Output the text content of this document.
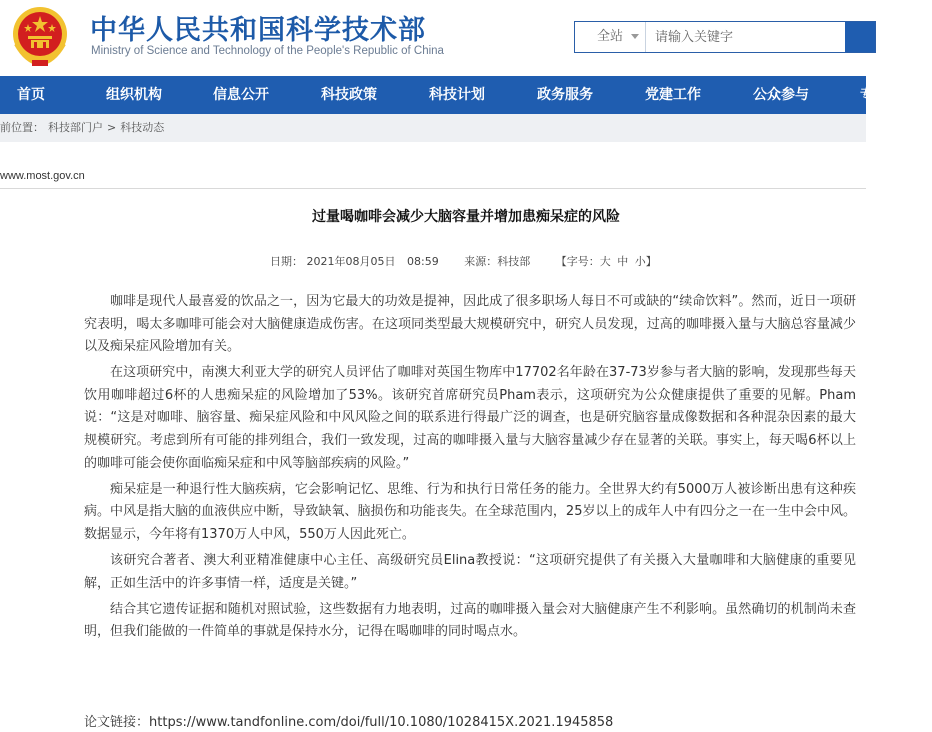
中华人民共和国科学技术部
Ministry of Science and Technology of the People's Republic of China
全站
请输入关键字
首页	组织机构	信息公开	科技政策	科技计划	政务服务	党建工作	公众参与	专
前位置： 科技部门户 > 科技动态
www.most.gov.cn
过量喝咖啡会减少大脑容量并增加患痴呆症的风险
日期： 2021年08月05日 08:59 来源：科技部 【字号：大 中 小】

咖啡是现代人最喜爱的饮品之一，因为它最大的功效是提神，因此成了很多职场人每日不可或缺的“续命饮料”。然而，近日一项研究表明，喝太多咖啡可能会对大脑健康造成伤害。在这项同类型最大规模研究中，研究人员发现，过高的咖啡摄入量与大脑总容量减少以及痴呆症风险增加有关。

在这项研究中，南澳大利亚大学的研究人员评估了咖啡对英国生物库中17702名年龄在37-73岁参与者大脑的影响，发现那些每天饮用咖啡超过6杯的人患痴呆症的风险增加了53%。该研究首席研究员Pham表示，这项研究为公众健康提供了重要的见解。Pham说：“这是对咖啡、脑容量、痴呆症风险和中风风险之间的联系进行得最广泛的调查，也是研究脑容量成像数据和各种混杂因素的最大规模研究。考虑到所有可能的排列组合，我们一致发现，过高的咖啡摄入量与大脑容量减少存在显著的关联。事实上，每天喝6杯以上的咖啡可能会使你面临痴呆症和中风等脑部疾病的风险。”

痴呆症是一种退行性大脑疾病，它会影响记忆、思维、行为和执行日常任务的能力。全世界大约有5000万人被诊断出患有这种疾病。中风是指大脑的血液供应中断，导致缺氧、脑损伤和功能丧失。在全球范围内，25岁以上的成年人中有四分之一在一生中会中风。数据显示，今年将有1370万人中风，550万人因此死亡。

该研究合著者、澳大利亚精准健康中心主任、高级研究员Elina教授说：“这项研究提供了有关摄入大量咖啡和大脑健康的重要见解，正如生活中的许多事情一样，适度是关键。”

结合其它遗传证据和随机对照试验，这些数据有力地表明，过高的咖啡摄入量会对大脑健康产生不利影响。虽然确切的机制尚未查明，但我们能做的一件简单的事就是保持水分，记得在喝咖啡的同时喝点水。

论文链接：https://www.tandfonline.com/doi/full/10.1080/1028415X.2021.1945858
